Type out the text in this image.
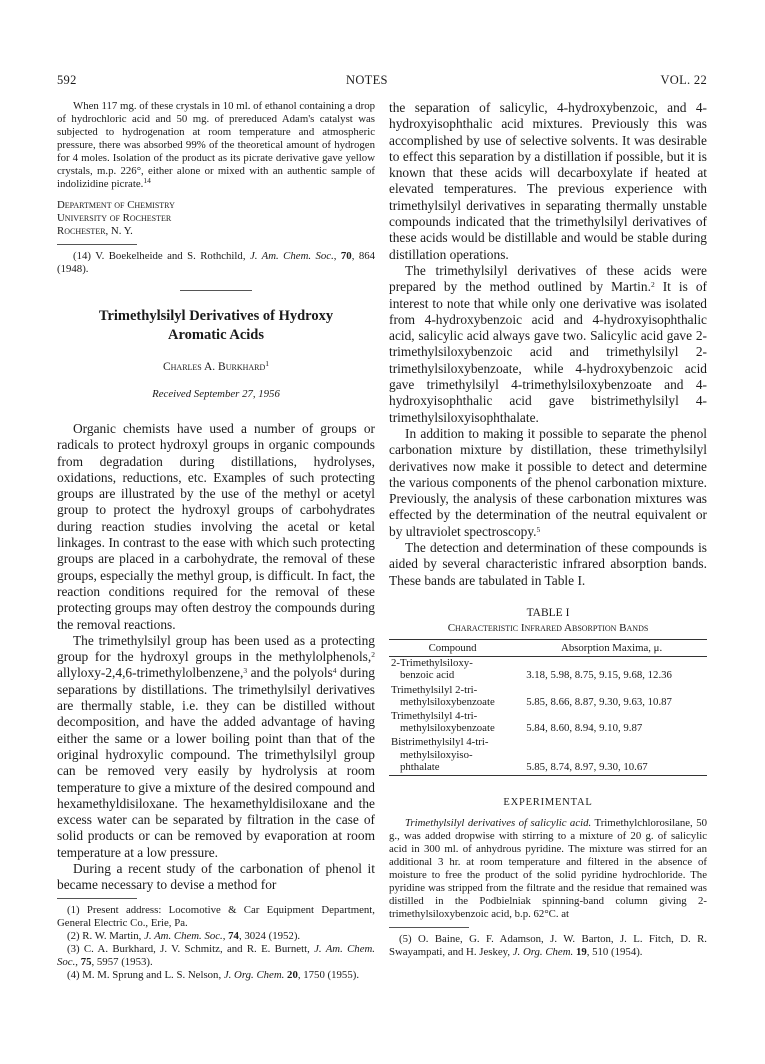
592	NOTES	VOL. 22

When 117 mg. of these crystals in 10 ml. of ethanol containing a drop of hydrochloric acid and 50 mg. of prereduced Adam's catalyst was subjected to hydrogenation at room temperature and atmospheric pressure, there was absorbed 99% of the theoretical amount of hydrogen for 4 moles. Isolation of the product as its picrate derivative gave yellow crystals, m.p. 226°, either alone or mixed with an authentic sample of indolizidine picrate.$^{14}$

Department of Chemistry
University of Rochester
Rochester, N. Y.

(14) V. Boekelheide and S. Rothchild, J. Am. Chem. Soc., 70, 864 (1948).

Trimethylsilyl Derivatives of Hydroxy Aromatic Acids
Charles A. Burkhard$^1$
Received September 27, 1956

Organic chemists have used a number of groups or radicals to protect hydroxyl groups in organic compounds from degradation during distillations, hydrolyses, oxidations, reductions, etc. Examples of such protecting groups are illustrated by the use of the methyl or acetyl group to protect the hydroxyl groups of carbohydrates during reaction studies involving the acetal or ketal linkages. In contrast to the ease with which such protecting groups are placed in a carbohydrate, the removal of these groups, especially the methyl group, is difficult. In fact, the reaction conditions required for the removal of these protecting groups may often destroy the compounds during the removal reactions.

The trimethylsilyl group has been used as a protecting group for the hydroxyl groups in the methylolphenols,$^2$ allyloxy-2,4,6-trimethylolbenzene,$^3$ and the polyols$^4$ during separations by distillations. The trimethylsilyl derivatives are thermally stable, i.e. they can be distilled without decomposition, and have the added advantage of having either the same or a lower boiling point than that of the original hydroxylic compound. The trimethylsilyl group can be removed very easily by hydrolysis at room temperature to give a mixture of the desired compound and hexamethyldisiloxane. The hexamethyldisiloxane and the excess water can be separated by filtration in the case of solid products or can be removed by evaporation at room temperature at a low pressure.

During a recent study of the carbonation of phenol it became necessary to devise a method for

(1) Present address: Locomotive & Car Equipment Department, General Electric Co., Erie, Pa.

(2) R. W. Martin, J. Am. Chem. Soc., 74, 3024 (1952).

(3) C. A. Burkhard, J. V. Schmitz, and R. E. Burnett, J. Am. Chem. Soc., 75, 5957 (1953).

(4) M. M. Sprung and L. S. Nelson, J. Org. Chem. 20, 1750 (1955).

the separation of salicylic, 4-hydroxybenzoic, and 4-hydroxyisophthalic acid mixtures. Previously this was accomplished by use of selective solvents. It was desirable to effect this separation by a distillation if possible, but it is known that these acids will decarboxylate if heated at elevated temperatures. The previous experience with trimethylsilyl derivatives in separating thermally unstable compounds indicated that the trimethylsilyl derivatives of these acids would be distillable and would be stable during distillation operations.

The trimethylsilyl derivatives of these acids were prepared by the method outlined by Martin.$^2$ It is of interest to note that while only one derivative was isolated from 4-hydroxybenzoic acid and 4-hydroxyisophthalic acid, salicylic acid always gave two. Salicylic acid gave 2-trimethylsiloxybenzoic acid and trimethylsilyl 2-trimethylsiloxybenzoate, while 4-hydroxybenzoic acid gave trimethylsilyl 4-trimethylsiloxybenzoate and 4-hydroxyisophthalic acid gave bistrimethylsilyl 4-trimethylsiloxyisophthalate.

In addition to making it possible to separate the phenol carbonation mixture by distillation, these trimethylsilyl derivatives now make it possible to detect and determine the various components of the phenol carbonation mixture. Previously, the analysis of these carbonation mixtures was effected by the determination of the neutral equivalent or by ultraviolet spectroscopy.$^5$

The detection and determination of these compounds is aided by several characteristic infrared absorption bands. These bands are tabulated in Table I.

TABLE I
Characteristic Infrared Absorption Bands
Compound	Absorption Maxima, μ.

2-Trimethylsiloxy-
benzoic acid	3.18, 5.98, 8.75, 9.15, 9.68, 12.36

Trimethylsilyl 2-tri-
methylsiloxybenzoate	5.85, 8.66, 8.87, 9.30, 9.63, 10.87

Trimethylsilyl 4-tri-
methylsiloxybenzoate	5.84, 8.60, 8.94, 9.10, 9.87

Bistrimethylsilyl 4-tri-
methylsiloxyiso-
phthalate	5.85, 8.74, 8.97, 9.30, 10.67
EXPERIMENTAL

Trimethylsilyl derivatives of salicylic acid. Trimethylchlorosilane, 50 g., was added dropwise with stirring to a mixture of 20 g. of salicylic acid in 300 ml. of anhydrous pyridine. The mixture was stirred for an additional 3 hr. at room temperature and filtered in the absence of moisture to free the product of the solid pyridine hydrochloride. The pyridine was stripped from the filtrate and the residue that remained was distilled in the Podbielniak spinning-band column giving 2-trimethylsiloxybenzoic acid, b.p. 62°C. at

(5) O. Baine, G. F. Adamson, J. W. Barton, J. L. Fitch, D. R. Swayampati, and H. Jeskey, J. Org. Chem. 19, 510 (1954).
